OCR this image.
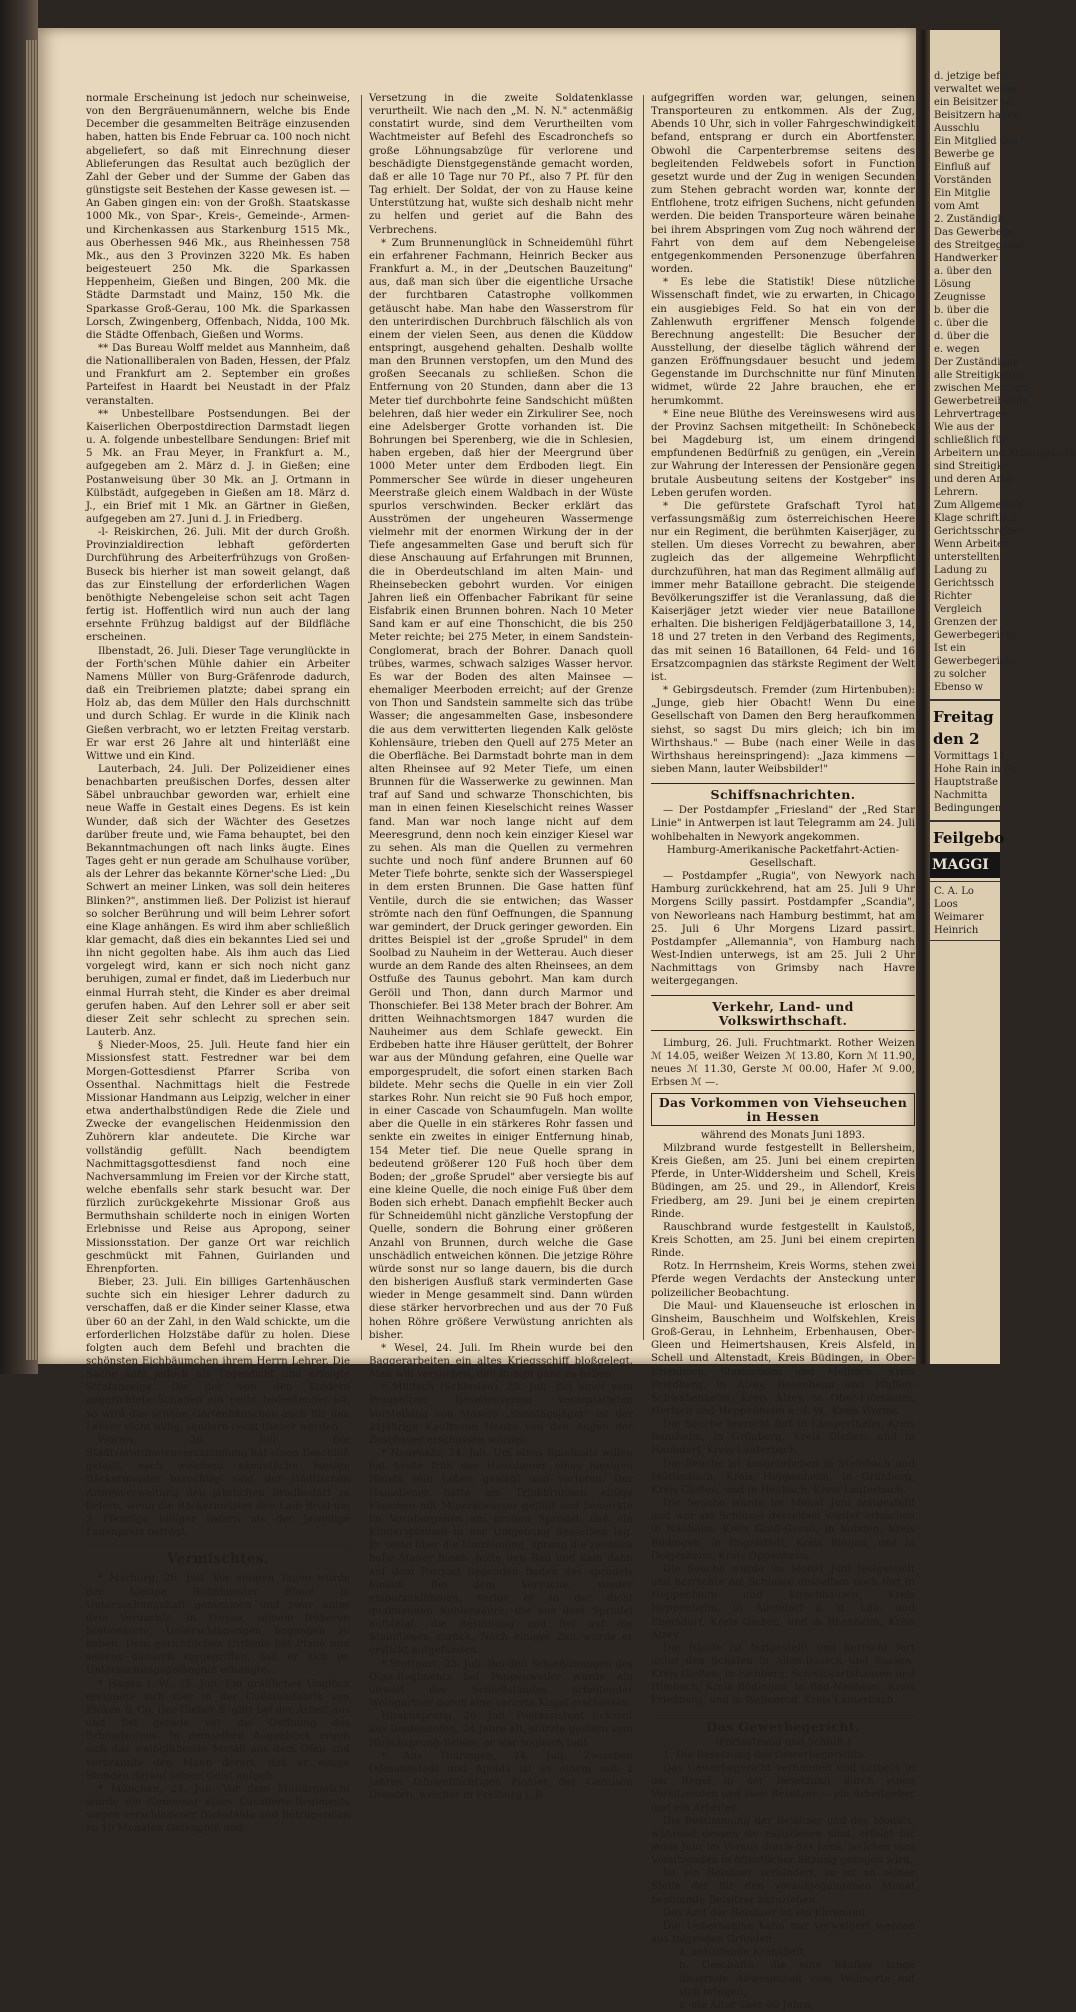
normale Erscheinung ist jedoch nur scheinweise, von den Bergräuenumännern, welche bis Ende December die gesammelten Beiträge einzusenden haben, hatten bis Ende Februar ca. 100 noch nicht abgeliefert, so daß mit Einrechnung dieser Ablieferungen das Resultat auch bezüglich der Zahl der Geber und der Summe der Gaben das günstigste seit Bestehen der Kasse gewesen ist. — An Gaben gingen ein: von der Großh. Staatskasse 1000 Mk., von Spar-, Kreis-, Gemeinde-, Armen- und Kirchenkassen aus Starkenburg 1515 Mk., aus Oberhessen 946 Mk., aus Rheinhessen 758 Mk., aus den 3 Provinzen 3220 Mk. Es haben beigesteuert 250 Mk. die Sparkassen Heppenheim, Gießen und Bingen, 200 Mk. die Städte Darmstadt und Mainz, 150 Mk. die Sparkasse Groß-Gerau, 100 Mk. die Sparkassen Lorsch, Zwingenberg, Offenbach, Nidda, 100 Mk. die Städte Offenbach, Gießen und Worms.

** Das Bureau Wolff meldet aus Mannheim, daß die Nationalliberalen von Baden, Hessen, der Pfalz und Frankfurt am 2. September ein großes Parteifest in Haardt bei Neustadt in der Pfalz veranstalten.

** Unbestellbare Postsendungen. Bei der Kaiserlichen Oberpostdirection Darmstadt liegen u. A. folgende unbestellbare Sendungen: Brief mit 5 Mk. an Frau Meyer, in Frankfurt a. M., aufgegeben am 2. März d. J. in Gießen; eine Postanweisung über 30 Mk. an J. Ortmann in Külbstädt, aufgegeben in Gießen am 18. März d. J., ein Brief mit 1 Mk. an Gärtner in Gießen, aufgegeben am 27. Juni d. J. in Friedberg.

-l- Reiskirchen, 26. Juli. Mit der durch Großh. Provinzialdirection lebhaft geförderten Durchführung des Arbeiterfrühzugs von Großen-Buseck bis hierher ist man soweit gelangt, daß das zur Einstellung der erforderlichen Wagen benöthigte Nebengeleise schon seit acht Tagen fertig ist. Hoffentlich wird nun auch der lang ersehnte Frühzug baldigst auf der Bildfläche erscheinen.

Ilbenstadt, 26. Juli. Dieser Tage verunglückte in der Forth'schen Mühle dahier ein Arbeiter Namens Müller von Burg-Gräfenrode dadurch, daß ein Treibriemen platzte; dabei sprang ein Holz ab, das dem Müller den Hals durchschnitt und durch Schlag. Er wurde in die Klinik nach Gießen verbracht, wo er letzten Freitag verstarb. Er war erst 26 Jahre alt und hinterläßt eine Wittwe und ein Kind.

Lauterbach, 24. Juli. Der Polizeidiener eines benachbarten preußischen Dorfes, dessen alter Säbel unbrauchbar geworden war, erhielt eine neue Waffe in Gestalt eines Degens. Es ist kein Wunder, daß sich der Wächter des Gesetzes darüber freute und, wie Fama behauptet, bei den Bekanntmachungen oft nach links äugte. Eines Tages geht er nun gerade am Schulhause vorüber, als der Lehrer das bekannte Körner'sche Lied: „Du Schwert an meiner Linken, was soll dein heiteres Blinken?", anstimmen ließ. Der Polizist ist hierauf so solcher Berührung und will beim Lehrer sofort eine Klage anhängen. Es wird ihm aber schließlich klar gemacht, daß dies ein bekanntes Lied sei und ihn nicht gegolten habe. Als ihm auch das Lied vorgelegt wird, kann er sich noch nicht ganz beruhigen, zumal er findet, daß im Liederbuch nur einmal Hurrah steht, die Kinder es aber dreimal gerufen haben. Auf den Lehrer soll er aber seit dieser Zeit sehr schlecht zu sprechen sein. Lauterb. Anz.

§ Nieder-Moos, 25. Juli. Heute fand hier ein Missionsfest statt. Festredner war bei dem Morgen-Gottesdienst Pfarrer Scriba von Ossenthal. Nachmittags hielt die Festrede Missionar Handmann aus Leipzig, welcher in einer etwa anderthalbstündigen Rede die Ziele und Zwecke der evangelischen Heidenmission den Zuhörern klar andeutete. Die Kirche war vollständig gefüllt. Nach beendigtem Nachmittagsgottesdienst fand noch eine Nachversammlung im Freien vor der Kirche statt, welche ebenfalls sehr stark besucht war. Der fürzlich zurückgekehrte Missionar Groß aus Bermuthshain schilderte noch in einigen Worten Erlebnisse und Reise aus Apropong, seiner Missionsstation. Der ganze Ort war reichlich geschmückt mit Fahnen, Guirlanden und Ehrenpforten.

Bieber, 23. Juli. Ein billiges Gartenhäuschen suchte sich ein hiesiger Lehrer dadurch zu verschaffen, daß er die Kinder seiner Klasse, etwa über 60 an der Zahl, in den Wald schickte, um die erforderlichen Holzstäbe dafür zu holen. Diese folgten auch dem Befehl und brachten die schönsten Eichbäumchen ihrem Herrn Lehrer. Die Sache kam jedoch als Tagesdicht und erfolgte Strafanzeige. Die der von den Kindern angerichtete Schaden ein recht bedeutender ist, so wird das schöne Gartenhäuschen auch für den Lehrer nicht billig, sondern recht theuer werden.

Worms, 26. Juli. Die Stadtverordnetenversammlung hat einen Beschluß gefaßt, nach welchem sämmtliche hiesige Bäckermeister berechtigt sind, der städtischen Armenverwaltung den jährlichen Brodbedarf zu liefern, wenn die Bäckermeister den Laib Brod um 3 Pfennige billiger liefern als der jeweilige Ladenpreis beträgt.

Vermischtes.

* Marburg, 26. Juli. Vor einigen Tagen wurde der hiesige Bahnmeister Pfaue in Untersuchungshaft genommen und zwar unter dem Verdachte, in Treysa, seinem früheren Stationsorte, Unterschlagungen begangen zu haben. Dem gerichtlichen Urtheile hat Pfaue nun seitens dadurch vorgegriffen, daß er sich im Untersuchungsgefängniß erhängte.

* Hagen i. W., 25. Juli. Ein gräßliches Unglück ereignete sich hier in der Gußstahlfabrik von Eicken & Co. Der Gießer S. glitt bei der Arbeit aus und fiel gerade vor die Oeffnung des Schmelzofens. In demselben Augenblick ergoß sich das weißglühende Metall aus dem Ofen und verbrannte den Mann derart, daß er einige Stunden darauf seinen Geist aufgab.

* München, 23. Juli. Vor dem Militärgericht wurde ein Gemeiner eines Cavallerie-Regiments wegen verschiedener Diebstähle und Betrügereien zu 10 Monaten Gefängniß und

Versetzung in die zweite Soldatenklasse verurtheilt. Wie nach den „M. N. N." actenmäßig constatirt wurde, sind dem Verurtheilten vom Wachtmeister auf Befehl des Escadronchefs so große Löhnungsabzüge für verlorene und beschädigte Dienstgegenstände gemacht worden, daß er alle 10 Tage nur 70 Pf., also 7 Pf. für den Tag erhielt. Der Soldat, der von zu Hause keine Unterstützung hat, wußte sich deshalb nicht mehr zu helfen und geriet auf die Bahn des Verbrechens.

* Zum Brunnenunglück in Schneidemühl führt ein erfahrener Fachmann, Heinrich Becker aus Frankfurt a. M., in der „Deutschen Bauzeitung" aus, daß man sich über die eigentliche Ursache der furchtbaren Catastrophe vollkommen getäuscht habe. Man habe den Wasserstrom für den unterirdischen Durchbruch fälschlich als von einem der vielen Seen, aus denen die Küddow entspringt, ausgehend gehalten. Deshalb wollte man den Brunnen verstopfen, um den Mund des großen Seecanals zu schließen. Schon die Entfernung von 20 Stunden, dann aber die 13 Meter tief durchbohrte feine Sandschicht müßten belehren, daß hier weder ein Zirkulirer See, noch eine Adelsberger Grotte vorhanden ist. Die Bohrungen bei Sperenberg, wie die in Schlesien, haben ergeben, daß hier der Meergrund über 1000 Meter unter dem Erdboden liegt. Ein Pommerscher See würde in dieser ungeheuren Meerstraße gleich einem Waldbach in der Wüste spurlos verschwinden. Becker erklärt das Ausströmen der ungeheuren Wassermenge vielmehr mit der enormen Wirkung der in der Tiefe angesammelten Gase und beruft sich für diese Anschauung auf Erfahrungen mit Brunnen, die in Oberdeutschland im alten Main- und Rheinsebecken gebohrt wurden. Vor einigen Jahren ließ ein Offenbacher Fabrikant für seine Eisfabrik einen Brunnen bohren. Nach 10 Meter Sand kam er auf eine Thonschicht, die bis 250 Meter reichte; bei 275 Meter, in einem Sandstein-Conglomerat, brach der Bohrer. Danach quoll trübes, warmes, schwach salziges Wasser hervor. Es war der Boden des alten Mainsee — ehemaliger Meerboden erreicht; auf der Grenze von Thon und Sandstein sammelte sich das trübe Wasser; die angesammelten Gase, insbesondere die aus dem verwitterten liegenden Kalk gelöste Kohlensäure, trieben den Quell auf 275 Meter an die Oberfläche. Bei Darmstadt bohrte man in dem alten Rheinsee auf 92 Meter Tiefe, um einen Brunnen für die Wasserwerke zu gewinnen. Man traf auf Sand und schwarze Thonschichten, bis man in einen feinen Kieselschicht reines Wasser fand. Man war noch lange nicht auf dem Meeresgrund, denn noch kein einziger Kiesel war zu sehen. Als man die Quellen zu vermehren suchte und noch fünf andere Brunnen auf 60 Meter Tiefe bohrte, senkte sich der Wasserspiegel in dem ersten Brunnen. Die Gase hatten fünf Ventile, durch die sie entwichen; das Wasser strömte nach den fünf Oeffnungen, die Spannung war gemindert, der Druck geringer geworden. Ein drittes Beispiel ist der „große Sprudel" in dem Soolbad zu Nauheim in der Wetterau. Auch dieser wurde an dem Rande des alten Rheinsees, an dem Ostfuße des Taunus gebohrt. Man kam durch Geröll und Thon, dann durch Marmor und Thonschiefer. Bei 138 Meter brach der Bohrer. Am dritten Weihnachtsmorgen 1847 wurden die Nauheimer aus dem Schlafe geweckt. Ein Erdbeben hatte ihre Häuser gerüttelt, der Bohrer war aus der Mündung gefahren, eine Quelle war emporgesprudelt, die sofort einen starken Bach bildete. Mehr sechs die Quelle in ein vier Zoll starkes Rohr. Nun reicht sie 90 Fuß hoch empor, in einer Cascade von Schaumfugeln. Man wollte aber die Quelle in ein stärkeres Rohr fassen und senkte ein zweites in einiger Entfernung hinab, 154 Meter tief. Die neue Quelle sprang in bedeutend größerer 120 Fuß hoch über dem Boden; der „große Sprudel" aber versiegte bis auf eine kleine Quelle, die noch einige Fuß über dem Boden sich erhebt. Danach empfiehlt Becker auch für Schneidemühl nicht gänzliche Verstopfung der Quelle, sondern die Bohrung einer größeren Anzahl von Brunnen, durch welche die Gase unschädlich entweichen können. Die jetzige Röhre würde sonst nur so lange dauern, bis die durch den bisherigen Ausfluß stark verminderten Gase wieder in Menge gesammelt sind. Dann würden diese stärker hervorbrechen und aus der 70 Fuß hohen Röhre größere Verwüstung anrichten als bisher.

* Wesel, 24. Juli. Im Rhein wurde bei den Baggerarbeiten ein altes Kriegsschiff bloßgelegt. Man will versuchen, den Rumpf ganz zu heben.

* Militsch (Schlesien), 25. Juli. Bei einer vom Prausnitzer Gesellenverein veranstalteten Vorstellung von Mosers „Sonntagsjäger" ist der 21jährige Kaufmann Hanke von den Augen der Zuschauer erschossen worden.

* Neuenahr, 24. Juli. Um eines Spielballs willen hat heute früh der Hausdiener eines hiesigen Hotels sein Leben gewagt und verloren. Der Hausdiener hatte am Trinkbrunnen einige Flaschen mit Mineralwasser gefüllt und bemerkte im Vorübergehen am großen Sprudel, daß ein Kinderspielball in der Umgebung desselben lag. Er sezte über die Umzäunung, sprang die ziemlich hohe Mauer hinab, holte den Ball und kam dann auf dem Parquet liegenden Boden des sprudels hinauf. Bei dem Versuche, wieder emporzuklimmen, verlor er in der dicht qualmenden Kohlensäure, die aus dem Sprudel aufsteigt, die Besinnung und fiel auf die Steinfliesen zurück. Nach einiger Zeit wurde er erstickt aufgefunden.

* Stuttgart, 25. Juli. Bei den Schießübungen des Olga-Regiments bei Poppenweiler wurde ein unweit des Schießstandes arbeitender Weingärtner durch eine verirrte Kugel erschossen.

Hirschsprung, 26. Juli. Postassistent Eckardt aus Diedenhofen, 24 Jahre alt, stürzte gestern vom Hirschsprung-Felsen; er war sogleich todt.

* Aus Thüringen, 24. Juli. Zwischen Oßmannstedt und Apolda ist es einem seit 2 Jahren fahnenflüchtigen Pionier der Garnison Dresden, welcher in Freiburg i. B.

aufgegriffen worden war, gelungen, seinen Transporteuren zu entkommen. Als der Zug, Abends 10 Uhr, sich in voller Fahrgeschwindigkeit befand, entsprang er durch ein Abortfenster. Obwohl die Carpenterbremse seitens des begleitenden Feldwebels sofort in Function gesetzt wurde und der Zug in wenigen Secunden zum Stehen gebracht worden war, konnte der Entflohene, trotz eifrigen Suchens, nicht gefunden werden. Die beiden Transporteure wären beinahe bei ihrem Abspringen vom Zug noch während der Fahrt von dem auf dem Nebengeleise entgegenkommenden Personenzuge überfahren worden.

* Es lebe die Statistik! Diese nützliche Wissenschaft findet, wie zu erwarten, in Chicago ein ausgiebiges Feld. So hat ein von der Zahlenwuth ergriffener Mensch folgende Berechnung angestellt: Die Besucher der Ausstellung, der dieselbe täglich während der ganzen Eröffnungsdauer besucht und jedem Gegenstande im Durchschnitte nur fünf Minuten widmet, würde 22 Jahre brauchen, ehe er herumkommt.

* Eine neue Blüthe des Vereinswesens wird aus der Provinz Sachsen mitgetheilt: In Schönebeck bei Magdeburg ist, um einem dringend empfundenen Bedürfniß zu genügen, ein „Verein zur Wahrung der Interessen der Pensionäre gegen brutale Ausbeutung seitens der Kostgeber" ins Leben gerufen worden.

* Die gefürstete Grafschaft Tyrol hat verfassungsmäßig zum österreichischen Heere nur ein Regiment, die berühmten Kaiserjäger, zu stellen. Um dieses Vorrecht zu bewahren, aber zugleich das der allgemeine Wehrpflicht durchzuführen, hat man das Regiment allmälig auf immer mehr Bataillone gebracht. Die steigende Bevölkerungsziffer ist die Veranlassung, daß die Kaiserjäger jetzt wieder vier neue Bataillone erhalten. Die bisherigen Feldjägerbataillone 3, 14, 18 und 27 treten in den Verband des Regiments, das mit seinen 16 Bataillonen, 64 Feld- und 16 Ersatzcompagnien das stärkste Regiment der Welt ist.

* Gebirgsdeutsch. Fremder (zum Hirtenbuben): „Junge, gieb hier Obacht! Wenn Du eine Gesellschaft von Damen den Berg heraufkommen siehst, so sagst Du mirs gleich; ich bin im Wirthshaus." — Bube (nach einer Weile in das Wirthshaus hereinspringend): „Jaza kimmens — sieben Mann, lauter Weibsbilder!"

Schiffsnachrichten.

— Der Postdampfer „Friesland" der „Red Star Linie" in Antwerpen ist laut Telegramm am 24. Juli wohlbehalten in Newyork angekommen.

Hamburg-Amerikanische Packetfahrt-Actien-Gesellschaft.

— Postdampfer „Rugia", von Newyork nach Hamburg zurückkehrend, hat am 25. Juli 9 Uhr Morgens Scilly passirt. Postdampfer „Scandia", von Neworleans nach Hamburg bestimmt, hat am 25. Juli 6 Uhr Morgens Lizard passirt. Postdampfer „Allemannia", von Hamburg nach West-Indien unterwegs, ist am 25. Juli 2 Uhr Nachmittags von Grimsby nach Havre weitergegangen.

Verkehr, Land- und Volkswirthschaft.

Limburg, 26. Juli. Fruchtmarkt. Rother Weizen ℳ 14.05, weißer Weizen ℳ 13.80, Korn ℳ 11.90, neues ℳ 11.30, Gerste ℳ 00.00, Hafer ℳ 9.00, Erbsen ℳ —.

Das Vorkommen von Viehseuchen in Hessen

während des Monats Juni 1893.

Milzbrand wurde festgestellt in Bellersheim, Kreis Gießen, am 25. Juni bei einem crepirten Pferde, in Unter-Widdersheim und Schell, Kreis Büdingen, am 25. und 29., in Allendorf, Kreis Friedberg, am 29. Juni bei je einem crepirten Rinde.

Rauschbrand wurde festgestellt in Kaulstoß, Kreis Schotten, am 25. Juni bei einem crepirten Rinde.

Rotz. In Herrnsheim, Kreis Worms, stehen zwei Pferde wegen Verdachts der Ansteckung unter polizeilicher Beobachtung.

Die Maul- und Klauenseuche ist erloschen in Ginsheim, Bauschheim und Wolfskehlen, Kreis Groß-Gerau, in Lehnheim, Erbenhausen, Ober-Gleen und Heimertshausen, Kreis Alsfeld, in Schell und Altenstadt, Kreis Büdingen, in Ober-Erlenbach, Stammheim und Melbach, Kreis Friedberg, in Alzey, Bosenheim und Pfaffen-Schwabenheim, Kreis Alzey, in Ober-Flörsheim, Herlach und Heppenheim a. d. W., Kreis Worms.

Die Seuche herrscht fort in Lampertheim, Kreis Bensheim, in Grünberg, Kreis Gießen, und in Haubdorf, Kreis Lauterbach.

Die Seuche ist ausgebrochen in Steinbach und Mörlenbach, Kreis Heppenheim, in Grünberg, Kreis Gießen, und in Heubach, Kreis Lauterbach.

Die Seuche wurde im Monat Juni festgestellt und war am Schlusse desselben wieder erloschen in Nauheim, Kreis Groß-Gerau, in Kohden, Kreis Büdingen, in Engelstadt, Kreis Bingen, und in Dolgesheim, Kreis Oppenheim.

Die Seuche wurde im Monat Juni festgestellt und herrschte am Schlusse desselben noch fort in Heppenheim und Kirschhausen, Kreis Heppenheim, in Allendorf a. d. Lda. und Ebersdorf, Kreis Gießen, und in Rhenheim, Kreis Alzey.

Die Räude ist festgestellt und herrscht fort unter den Schafen in Allen-Buseck und Saasen, Kreis Gießen, in Eichberg, Schwickartshausen und Himbach, Kreis Büdingen, in Bad-Nauheim, Kreis Friedberg, und in Wallenrod, Kreis Lauterbach.

Das Gewerbegericht.

(Fortsetzung und Schluß.)

1. Die Besetzung des Gewerbegerichts.

Das Gewerbegericht verhandelt und urtheilt in der Regel in der Besetzung durch einen Vorsitzenden und zwei Beisitzer — ein Arbeitgeber und ein Arbeiter.

Die Bestimmung der Beisitzer und des Monats, während dessen sie zuzuziehen sind, erfolgt für jedes Jahr im Voraus durch das Loos, welches vom Vorsitzenden in öffentlicher Sitzung gezogen wird.

Ist ein Beisitzer verhindert, so ist an seiner Stelle der für den voraufgegangenen Monat bestimmte Beisitzer zuzuziehen.

Das Amt der Beisitzer ist ein Ehrenamt.

Die Uebernahme kann nur verweigert werden aus folgenden Gründen:

a. anhaltende Krankheit,

b. Geschäfte, die eine häufige lange dauernde Abwesenheit vom Wohnorte mit sich bringen,

c. ein Alter über 60 Jahre,

d. jetzige befin
verwaltet werde
ein Beisitzer wi
Beisitzern haben,
Ausschlu
Ein Mitglied des
Bewerbe ge
Einfluß auf
Vorständen
Ein Mitglie
vom Amt
2. Zuständigk
Das Gewerbege
des Streitgegenst
Handwerker
a. über den
Lösung
Zeugnisse
b. über die
c. über die
d. über die
e. wegen
Der Zuständigke
alle Streitigkeiten
zwischen Meistern
Gewerbetreibende
Lehrvertrages
Wie aus der
schließlich für
Arbeitern und Arbeitgebern
sind Streitigke
und deren Arbe
Lehrern.
Zum Allgemeinen
Klage schriftlich
Gerichtsschreiber
Wenn Arbeiter
unterstellten
Ladung zu
Gerichtssch
Richter
Vergleich
Grenzen der
Gewerbegericht
Ist ein
Gewerbegericht
zu solcher
Ebenso w
Freitag den 2
Vormittags 11
Hohe Rain in Ro
Hauptstraße
Nachmitta
Bedingungen
Feilgebo
MAGGI
C. A. Lo
Loos
Weimarer
Heinrich
